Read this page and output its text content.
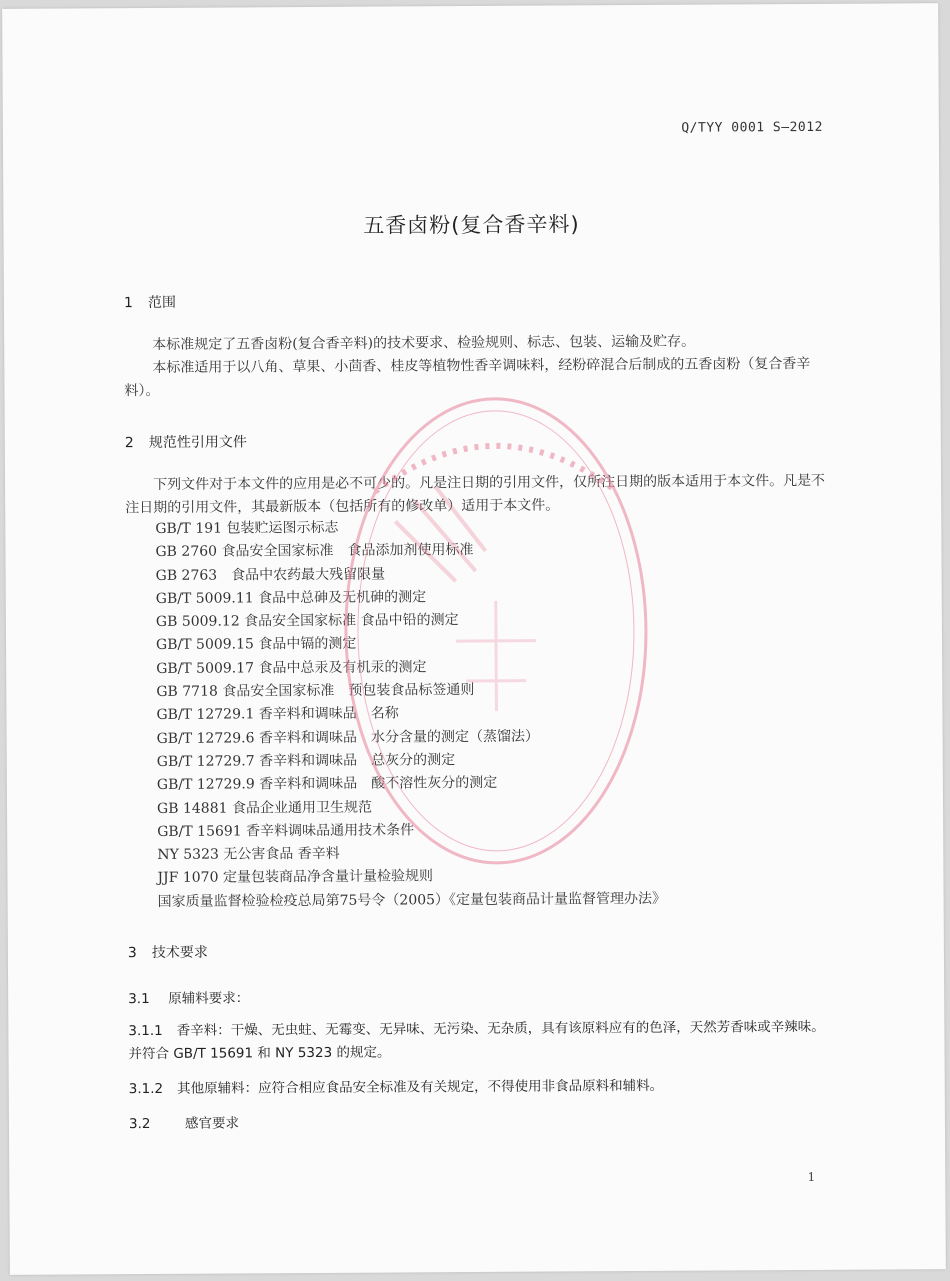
Q/TYY 0001 S—2012
五香卤粉(复合香辛料)
1 范围
本标准规定了五香卤粉(复合香辛料)的技术要求、检验规则、标志、包装、运输及贮存。
本标准适用于以八角、草果、小茴香、桂皮等植物性香辛调味料，经粉碎混合后制成的五香卤粉（复合香辛料）。
2 规范性引用文件
下列文件对于本文件的应用是必不可少的。凡是注日期的引用文件，仅所注日期的版本适用于本文件。凡是不注日期的引用文件，其最新版本（包括所有的修改单）适用于本文件。
GB/T 191 包装贮运图示标志
GB 2760 食品安全国家标准　食品添加剂使用标准
GB 2763　食品中农药最大残留限量
GB/T 5009.11 食品中总砷及无机砷的测定
GB 5009.12 食品安全国家标准 食品中铅的测定
GB/T 5009.15 食品中镉的测定
GB/T 5009.17 食品中总汞及有机汞的测定
GB 7718 食品安全国家标准　预包装食品标签通则
GB/T 12729.1 香辛料和调味品　名称
GB/T 12729.6 香辛料和调味品　水分含量的测定（蒸馏法）
GB/T 12729.7 香辛料和调味品　总灰分的测定
GB/T 12729.9 香辛料和调味品　酸不溶性灰分的测定
GB 14881 食品企业通用卫生规范
GB/T 15691 香辛料调味品通用技术条件
NY 5323 无公害食品 香辛料
JJF 1070 定量包装商品净含量计量检验规则
国家质量监督检验检疫总局第75号令（2005）《定量包装商品计量监督管理办法》
3 技术要求
3.1 原辅料要求：
3.1.1 香辛料：干燥、无虫蛀、无霉变、无异味、无污染、无杂质，具有该原料应有的色泽，天然芳香味或辛辣味。并符合 GB/T 15691 和 NY 5323 的规定。
3.1.2 其他原辅料：应符合相应食品安全标准及有关规定，不得使用非食品原料和辅料。
3.2	感官要求
1
